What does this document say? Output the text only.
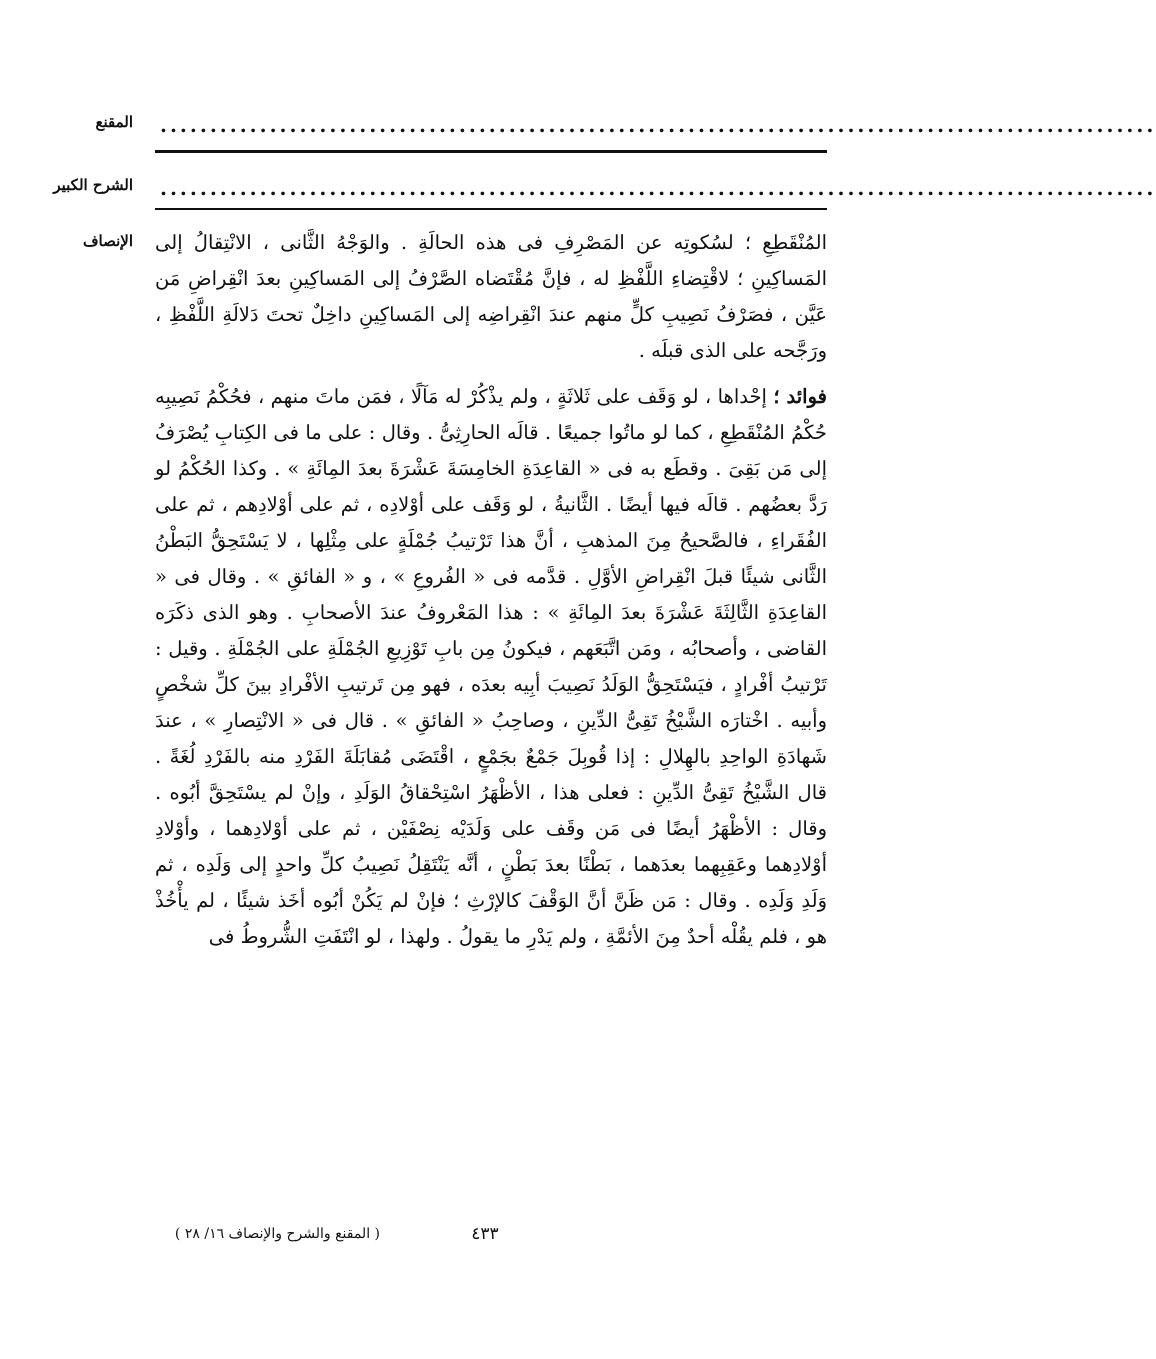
المقنع ....................................................................................................
الشرح الكبير ....................................................................................................
الإنصاف المُنْقَطِعِ ؛ لسُكوتِه عن المَصْرِفِ فى هذه الحالَةِ . والوَجْهُ الثَّانى ، الانْتِقالُ إلى المَساكِينِ ؛ لاقْتِضاءِ اللَّفْظِ له ، فإنَّ مُقْتَضاه الصَّرْفُ إلى المَساكِينِ بعدَ انْقِراضِ مَن عَيَّن ، فصَرْفُ نَصِيبِ كلٍّ منهم عندَ انْقِراضِه إلى المَساكِينِ داخِلٌ تحتَ دَلالَةِ اللَّفْظِ ، ورَجَّحه على الذى قبلَه .

فوائد ؛ إحْداها ، لو وَقَف على ثَلاثَةٍ ، ولم يذْكُرْ له مَآلًا ، فمَن ماتَ منهم ، فحُكْمُ نَصِيبِه حُكْمُ المُنْقَطِعِ ، كما لو ماتُوا جميعًا . قالَه الحارِثِىُّ . وقال : على ما فى الكِتابِ يُصْرَفُ إلى مَن بَقِىَ . وقطَع به فى « القاعِدَةِ الخامِسَةَ عَشْرَةَ بعدَ المِائَةِ » . وكذا الحُكْمُ لو رَدَّ بعضُهم . قالَه فيها أيضًا . الثَّانيةُ ، لو وَقَف على أوْلادِه ، ثم على أوْلادِهم ، ثم على الفُقَراءِ ، فالصَّحيحُ مِنَ المذهبِ ، أنَّ هذا تَرْتيبُ جُمْلَةٍ على مِثْلِها ، لا يَسْتَحِقُّ البَطْنُ الثَّانى شيئًا قبلَ انْقِراضِ الأوَّلِ . قدَّمه فى « الفُروعِ » ، و « الفائقِ » . وقال فى « القاعِدَةِ الثَّالِثَةَ عَشْرَةَ بعدَ المِائَةِ » : هذا المَعْروفُ عندَ الأصحابِ . وهو الذى ذكَرَه القاضى ، وأصحابُه ، ومَن اتَّبَعَهم ، فيكونُ مِن بابِ تَوْزِيعِ الجُمْلَةِ على الجُمْلَةِ . وقيل : تَرْتيبُ أفْرادٍ ، فيَسْتَحِقُّ الوَلَدُ نَصِيبَ أبِيه بعدَه ، فهو مِن تَرتيبِ الأفْرادِ بينَ كلِّ شخْصٍ وأبيه . اخْتارَه الشَّيْخُ تَقِىُّ الدِّينِ ، وصاحِبُ « الفائقِ » . قال فى « الانْتِصارِ » ، عندَ شَهادَةِ الواحِدِ بالهِلالِ : إذا قُوبِلَ جَمْعٌ بجَمْعٍ ، اقْتَضَى مُقابَلَةَ الفَرْدِ منه بالفَرْدِ لُغَةً . قال الشَّيْخُ تَقِىُّ الدِّينِ : فعلى هذا ، الأظْهَرُ اسْتِحْقاقُ الوَلَدِ ، وإنْ لم يسْتَحِقَّ أبُوه . وقال : الأظْهَرُ أيضًا فى مَن وقَف على وَلَدَيْه نِصْفَيْن ، ثم على أوْلادِهما ، وأوْلادِ أوْلادِهما وعَقِبِهما بعدَهما ، بَطْنًا بعدَ بَطْنٍ ، أنَّه يَنْتَقِلُ نَصِيبُ كلِّ واحدٍ إلى وَلَدِه ، ثم وَلَدِ وَلَدِه . وقال : مَن ظَنَّ أنَّ الوَقْفَ كالإرْثِ ؛ فإنْ لم يَكُنْ أبُوه أخَذ شيئًا ، لم يأْخُذْ هو ، فلم يقُلْه أحدٌ مِنَ الأئمَّةِ ، ولم يَدْرِ ما يقولُ . ولهذا ، لو انْتَفَتِ الشُّروطُ فى

٤٣٣
( المقنع والشرح والإنصاف ١٦/ ٢٨ )
